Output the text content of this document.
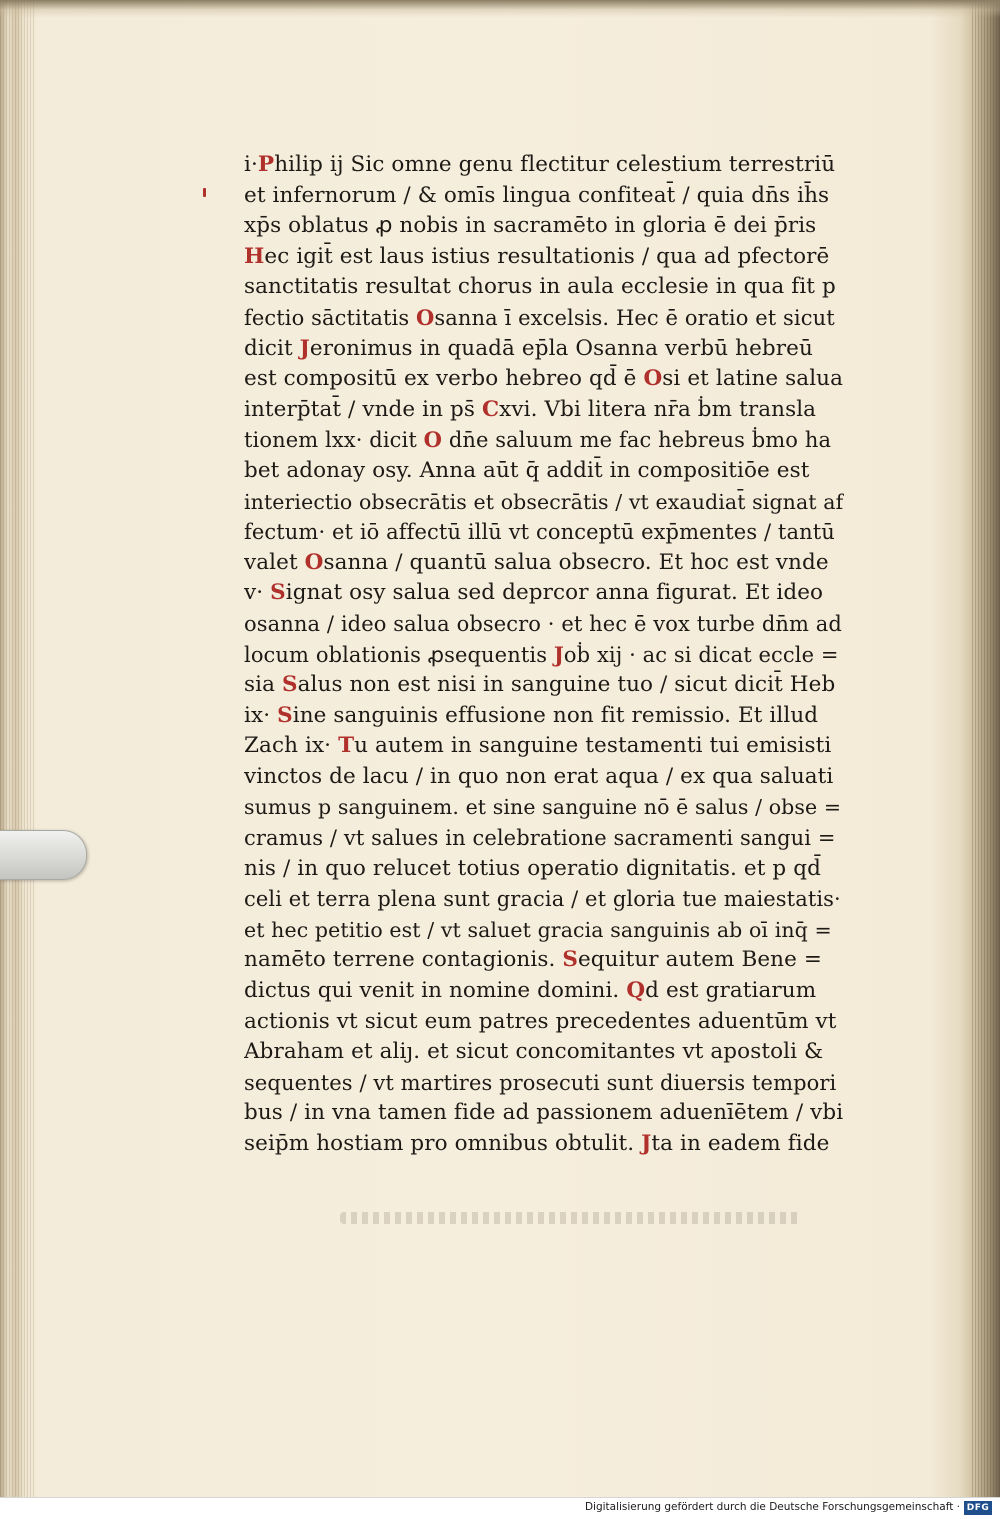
i·Philip ij Sic omne genu flectitur celestium terrestriū
et infernorum / & omīs lingua confiteat̄ / quia dn̄s ih̄s
xp̄s oblatus ꝓ nobis in sacramēto in gloria ē dei p̄ris
Hec igit̄ est laus istius resultationis / qua ad pfectorē
sanctitatis resultat chorus in aula ecclesie in qua fit p
fectio sāctitatis Osanna ī excelsis. Hec ē oratio et sicut
dicit Jeronimus in quadā ep̄la Osanna verbū hebreū
est compositū ex verbo hebreo qd̄ ē Osi et latine salua
interp̄tat̄ / vnde in ps̄ Cxvi. Vbi litera nr̄a ḃm transla
tionem lxx· dicit O dn̄e saluum me fac hebreus ḃmo ha
bet adonay osy. Anna aūt q̄ addit̄ in compositiōe est
interiectio obsecrātis et obsecrātis / vt exaudiat̄ signat af
fectum· et iō affectū illū vt conceptū exp̄mentes / tantū
valet Osanna / quantū salua obsecro. Et hoc est vnde
v· Signat osy salua sed deprcor anna figurat. Et ideo
osanna / ideo salua obsecro · et hec ē vox turbe dn̄m ad
locum oblationis ꝓsequentis Joḃ xij · ac si dicat eccle =
sia Salus non est nisi in sanguine tuo / sicut dicit̄ Heb
ix· Sine sanguinis effusione non fit remissio. Et illud
Zach ix· Tu autem in sanguine testamenti tui emisisti
vinctos de lacu / in quo non erat aqua / ex qua saluati
sumus p sanguinem. et sine sanguine nō ē salus / obse =
cramus / vt salues in celebratione sacramenti sangui =
nis / in quo relucet totius operatio dignitatis. et p qd̄
celi et terra plena sunt gracia / et gloria tue maiestatis·
et hec petitio est / vt saluet gracia sanguinis ab oī inq̄ =
namēto terrene contagionis. Sequitur autem Bene =
dictus qui venit in nomine domini. Qd est gratiarum
actionis vt sicut eum patres precedentes aduentūm vt
Abraham et aliȷ. et sicut concomitantes vt apostoli &
sequentes / vt martires prosecuti sunt diuersis tempori
bus / in vna tamen fide ad passionem aduenīētem / vbi
seip̄m hostiam pro omnibus obtulit. Jta in eadem fide
Digitalisierung gefördert durch die Deutsche Forschungsgemeinschaft · DFG
